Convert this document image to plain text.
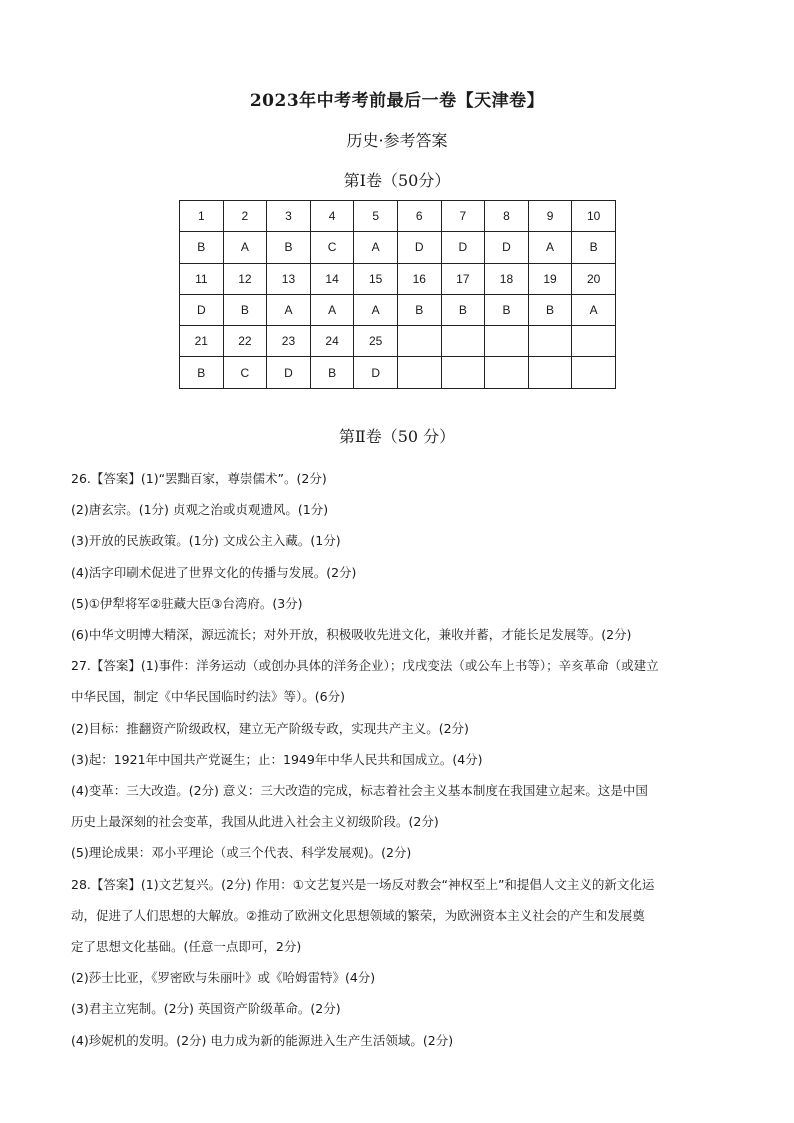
2023年中考考前最后一卷【天津卷】
历史·参考答案
第Ⅰ卷（50分）
1	2	3	4	5	6	7	8	9	10
B	A	B	C	A	D	D	D	A	B
11	12	13	14	15	16	17	18	19	20
D	B	A	A	A	B	B	B	B	A
21	22	23	24	25					
B	C	D	B	D					
第Ⅱ卷（50 分）

26.【答案】(1)“罢黜百家，尊崇儒术”。(2分)

(2)唐玄宗。(1分) 贞观之治或贞观遗风。(1分)

(3)开放的民族政策。(1分) 文成公主入藏。(1分)

(4)活字印刷术促进了世界文化的传播与发展。(2分)

(5)①伊犁将军②驻藏大臣③台湾府。(3分)

(6)中华文明博大精深，源远流长；对外开放，积极吸收先进文化，兼收并蓄，才能长足发展等。(2分)

27.【答案】(1)事件：洋务运动（或创办具体的洋务企业）；戊戌变法（或公车上书等）；辛亥革命（或建立

中华民国，制定《中华民国临时约法》等）。(6分)

(2)目标：推翻资产阶级政权，建立无产阶级专政，实现共产主义。(2分)

(3)起：1921年中国共产党诞生；止：1949年中华人民共和国成立。(4分)

(4)变革：三大改造。(2分) 意义：三大改造的完成，标志着社会主义基本制度在我国建立起来。这是中国

历史上最深刻的社会变革，我国从此进入社会主义初级阶段。(2分)

(5)理论成果：邓小平理论（或三个代表、科学发展观)。(2分)

28.【答案】(1)文艺复兴。(2分) 作用：①文艺复兴是一场反对教会“神权至上”和提倡人文主义的新文化运

动，促进了人们思想的大解放。②推动了欧洲文化思想领域的繁荣，为欧洲资本主义社会的产生和发展奠

定了思想文化基础。(任意一点即可，2分)

(2)莎士比亚，《罗密欧与朱丽叶》或《哈姆雷特》(4分)

(3)君主立宪制。(2分) 英国资产阶级革命。(2分)

(4)珍妮机的发明。(2分) 电力成为新的能源进入生产生活领域。(2分)
